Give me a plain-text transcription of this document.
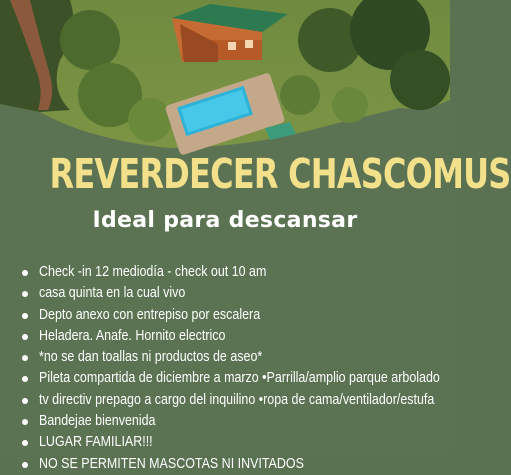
REVERDECER CHASCOMUS
Ideal para descansar
Check -in 12 mediodía - check out 10 am
casa quinta en la cual vivo
Depto anexo con entrepiso por escalera
Heladera. Anafe. Hornito electrico
*no se dan toallas ni productos de aseo*
Pileta compartida de diciembre a marzo •Parrilla/amplio parque arbolado
tv directiv prepago a cargo del inquilino •ropa de cama/ventilador/estufa
Bandejae bienvenida
LUGAR FAMILIAR!!!
NO SE PERMITEN MASCOTAS NI INVITADOS
